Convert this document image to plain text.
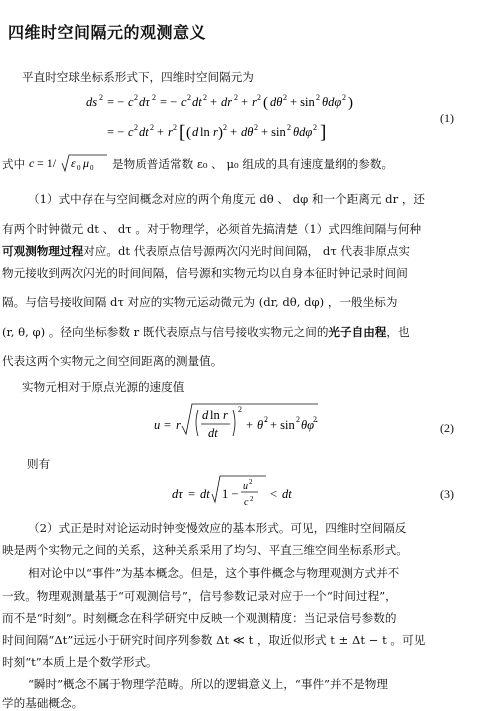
四维时空间隔元的观测意义
平直时空球坐标系形式下，四维时空间隔元为
ds 2 = − c 2 dτ 2 = − c 2 dt 2 + dr 2 + r 2 ( dθ 2 + sin 2 θdφ 2 )
= − c 2 dt 2 + r 2 [ ( d ln r ) 2 + dθ 2 + sin 2 θdφ 2 ]
(1)
式中 c = 1/ ε 0 μ 0 是物质普适常数 ε₀ 、 μ₀ 组成的具有速度量纲的参数。
（1）式中存在与空间概念对应的两个角度元 dθ 、 dφ 和一个距离元 dr ，还
有两个时钟微元 dt 、 dτ 。对于物理学，必须首先搞清楚（1）式四维间隔与何种
可观测物理过程对应。dt 代表原点信号源两次闪光时间间隔， dτ 代表非原点实
物元接收到两次闪光的时间间隔，信号源和实物元均以自身本征时钟记录时间间
隔。与信号接收间隔 dτ 对应的实物元运动微元为 (dr, dθ, dφ) ，一般坐标为
(r, θ, φ) 。径向坐标参数 r 既代表原点与信号接收实物元之间的光子自由程，也
代表这两个实物元之间空间距离的测量值。
实物元相对于原点光源的速度值
u = r
d ln r
dt
2
+ θ̇ 2 + sin 2 θφ̇
2
(2)
则有
dτ = dt 1 −
u 2
c 2 < dt	(3)
（2）式正是时对论运动时钟变慢效应的基本形式。可见，四维时空间隔反
映是两个实物元之间的关系，这种关系采用了均匀、平直三维空间坐标系形式。
相对论中以“事件”为基本概念。但是，这个事件概念与物理观测方式并不
一致。物理观测量基于“可观测信号”，信号参数记录对应于一个“时间过程”，
而不是“时刻”。时刻概念在科学研究中反映一个观测精度：当记录信号参数的
时间间隔“Δt”远远小于研究时间序列参数 Δt ≪ t ，取近似形式 t ± Δt − t 。可见
时刻“t”本质上是个数学形式。
“瞬时”概念不属于物理学范畴。所以的逻辑意义上，“事件”并不是物理
学的基础概念。
